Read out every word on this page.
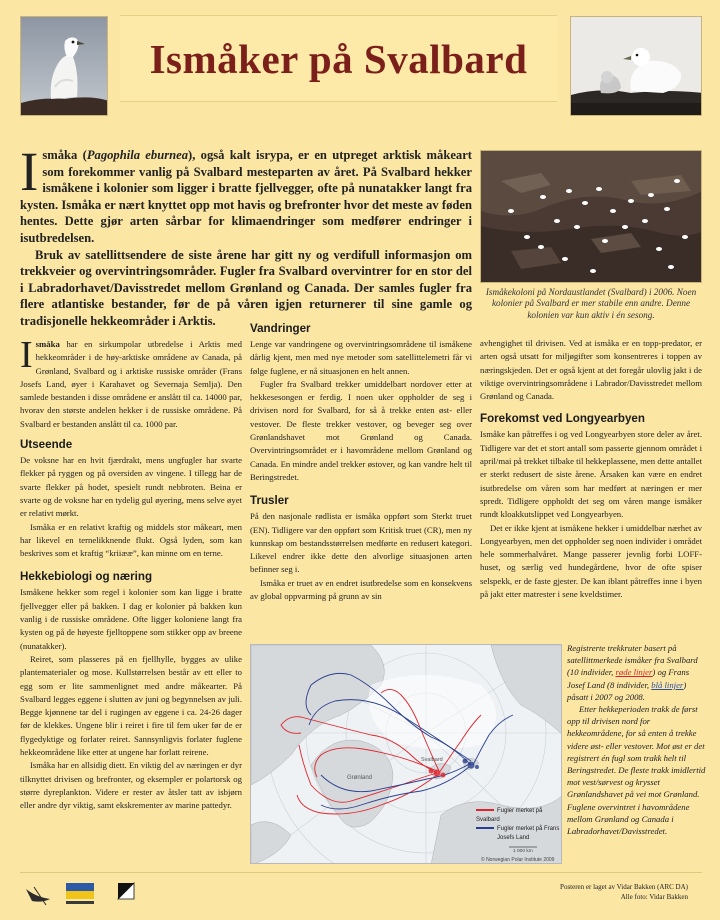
Ismåker på Svalbard

Ismåka (Pagophila eburnea), også kalt isrypa, er en utpreget arktisk måkeart som forekommer vanlig på Svalbard mesteparten av året. På Svalbard hekker ismåkene i kolonier som ligger i bratte fjellvegger, ofte på nunatakker langt fra kysten. Ismåka er nært knyttet opp mot havis og brefronter hvor det meste av føden hentes. Dette gjør arten sårbar for klimaendringer som medfører endringer i isutbredelsen.

Bruk av satellittsendere de siste årene har gitt ny og verdifull informasjon om trekkveier og overvintringsområder. Fugler fra Svalbard overvintrer for en stor del i Labradorhavet/Davisstredet mellom Grønland og Canada. Der samles fugler fra flere atlantiske bestander, før de på våren igjen returnerer til sine gamle og tradisjonelle hekkeområder i Arktis.

Ismåkekoloni på Nordaustlandet (Svalbard) i 2006. Noen kolonier på Svalbard er mer stabile enn andre. Denne kolonien var kun aktiv i én sesong.

Ismåka har en sirkumpolar utbredelse i Arktis med hekkeområder i de høy-arktiske områdene av Canada, på Grønland, Svalbard og i arktiske russiske områder (Frans Josefs Land, øyer i Karahavet og Severnaja Semlja). Den samlede bestanden i disse områdene er anslått til ca. 14000 par, hvorav den største andelen hekker i de russiske områdene. På Svalbard er bestanden anslått til ca. 1000 par.

Utseende

De voksne har en hvit fjærdrakt, mens ungfugler har svarte flekker på ryggen og på oversiden av vingene. I tillegg har de svarte flekker på hodet, spesielt rundt nebbroten. Beina er svarte og de voksne har en tydelig gul øyering, mens selve øyet er relativt mørkt.

Ismåka er en relativt kraftig og middels stor måkeart, men har likevel en ternelikknende flukt. Også lyden, som kan beskrives som et kraftig “kriiææ”, kan minne om en terne.

Hekkebiologi og næring

Ismåkene hekker som regel i kolonier som kan ligge i bratte fjellvegger eller på bakken. I dag er kolonier på bakken kun vanlig i de russiske områdene. Ofte ligger koloniene langt fra kysten og på de høyeste fjelltoppene som stikker opp av breene (nunatakker).

Reiret, som plasseres på en fjellhylle, bygges av ulike plantematerialer og mose. Kullstørrelsen består av ett eller to egg som er lite sammenlignet med andre måkearter. På Svalbard legges eggene i slutten av juni og begynnelsen av juli. Begge kjønnene tar del i rugingen av eggene i ca. 24-26 dager før de klekkes. Ungene blir i reiret i fire til fem uker før de er flygedyktige og forlater reiret. Sannsynligvis forlater fuglene hekkeområdene like etter at ungene har forlatt reirene.

Ismåka har en allsidig diett. En viktig del av næringen er dyr tilknyttet drivisen og brefronter, og eksempler er polartorsk og større dyreplankton. Videre er rester av åtsler tatt av isbjørn eller andre dyr viktig, samt ekskrementer av marine pattedyr.

Vandringer

Lenge var vandringene og overvintringsområdene til ismåkene dårlig kjent, men med nye metoder som satellittelemetri får vi følge fuglene, er nå situasjonen en helt annen.

Fugler fra Svalbard trekker umiddelbart nordover etter at hekkesesongen er ferdig. I noen uker oppholder de seg i drivisen nord for Svalbard, for så å trekke enten øst- eller vestover. De fleste trekker vestover, og beveger seg over Grønlandshavet mot Grønland og Canada. Overvintringsområdet er i havområdene mellom Grønland og Canada. En mindre andel trekker østover, og kan vandre helt til Beringstredet.

Trusler

På den nasjonale rødlista er ismåka oppført som Sterkt truet (EN). Tidligere var den oppført som Kritisk truet (CR), men ny kunnskap om bestandsstørrelsen medførte en redusert kategori. Likevel endrer ikke dette den alvorlige situasjonen arten befinner seg i.

Ismåka er truet av en endret isutbredelse som en konsekvens av global oppvarming på grunn av sin

avhengighet til drivisen. Ved at ismåka er en topp-predator, er arten også utsatt for miljøgifter som konsentreres i toppen av næringskjeden. Det er også kjent at det foregår ulovlig jakt i de viktige overvintringsområdene i Labrador/Davisstredet mellom Grønland og Canada.

Forekomst ved Longyearbyen

Ismåke kan påtreffes i og ved Longyearbyen store deler av året. Tidligere var det et stort antall som passerte gjennom området i april/mai på trekket tilbake til hekkeplassene, men dette antallet er sterkt redusert de siste årene. Årsaken kan være en endret isutbredelse om våren som har medført at næringen er mer spredt. Tidligere oppholdt det seg om våren mange ismåker rundt kloakkutslippet ved Longyearbyen.

Det er ikke kjent at ismåkene hekker i umiddelbar nærhet av Longyearbyen, men det oppholder seg noen individer i området hele sommerhalvåret. Mange passerer jevnlig forbi LOFF-huset, og særlig ved hundegårdene, hvor de ofte spiser selspekk, er de faste gjester. De kan iblant påtreffes inne i byen på jakt etter matrester i sene kveldstimer.

Grønland
Svalbard
1 000 km
© Norwegian Polar Institute 2009
Fugler merket på Svalbard
Fugler merket på Frans
Josefs Land

Registrerte trekkruter basert på satellittmerkede ismåker fra Svalbard (10 individer, røde linjer) og Frans Josef Land (8 individer, blå linjer) påsatt i 2007 og 2008.

Etter hekkeperioden trakk de først opp til drivisen nord for hekkeområdene, for så enten å trekke videre øst- eller vestover. Mot øst er det registrert én fugl som trakk helt til Beringstredet. De fleste trakk imidlertid mot vest/sørvest og krysset Grønlandshavet på vei mot Grønland. Fuglene overvintret i havområdene mellom Grønland og Canada i Labradorhavet/Davisstredet.

Posteren er laget av Vidar Bakken (ARC DA)
Alle foto: Vidar Bakken
